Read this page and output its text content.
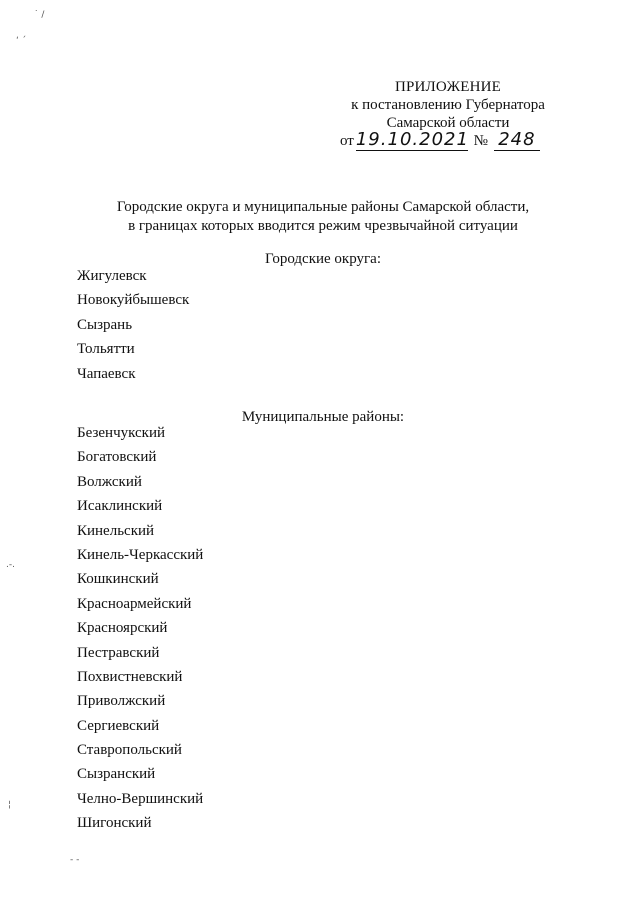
˙ /
‘ ´
.-.
¦
- -
ПРИЛОЖЕНИЕ
к постановлению Губернатора
Самарской области
от 19.10.2021 № 248
Городские округа и муниципальные районы Самарской области,
в границах которых вводится режим чрезвычайной ситуации
Городские округа:
Жигулевск
Новокуйбышевск
Сызрань
Тольятти
Чапаевск
Муниципальные районы:
Безенчукский
Богатовский
Волжский
Исаклинский
Кинельский
Кинель-Черкасский
Кошкинский
Красноармейский
Красноярский
Пестравский
Похвистневский
Приволжский
Сергиевский
Ставропольский
Сызранский
Челно-Вершинский
Шигонский
